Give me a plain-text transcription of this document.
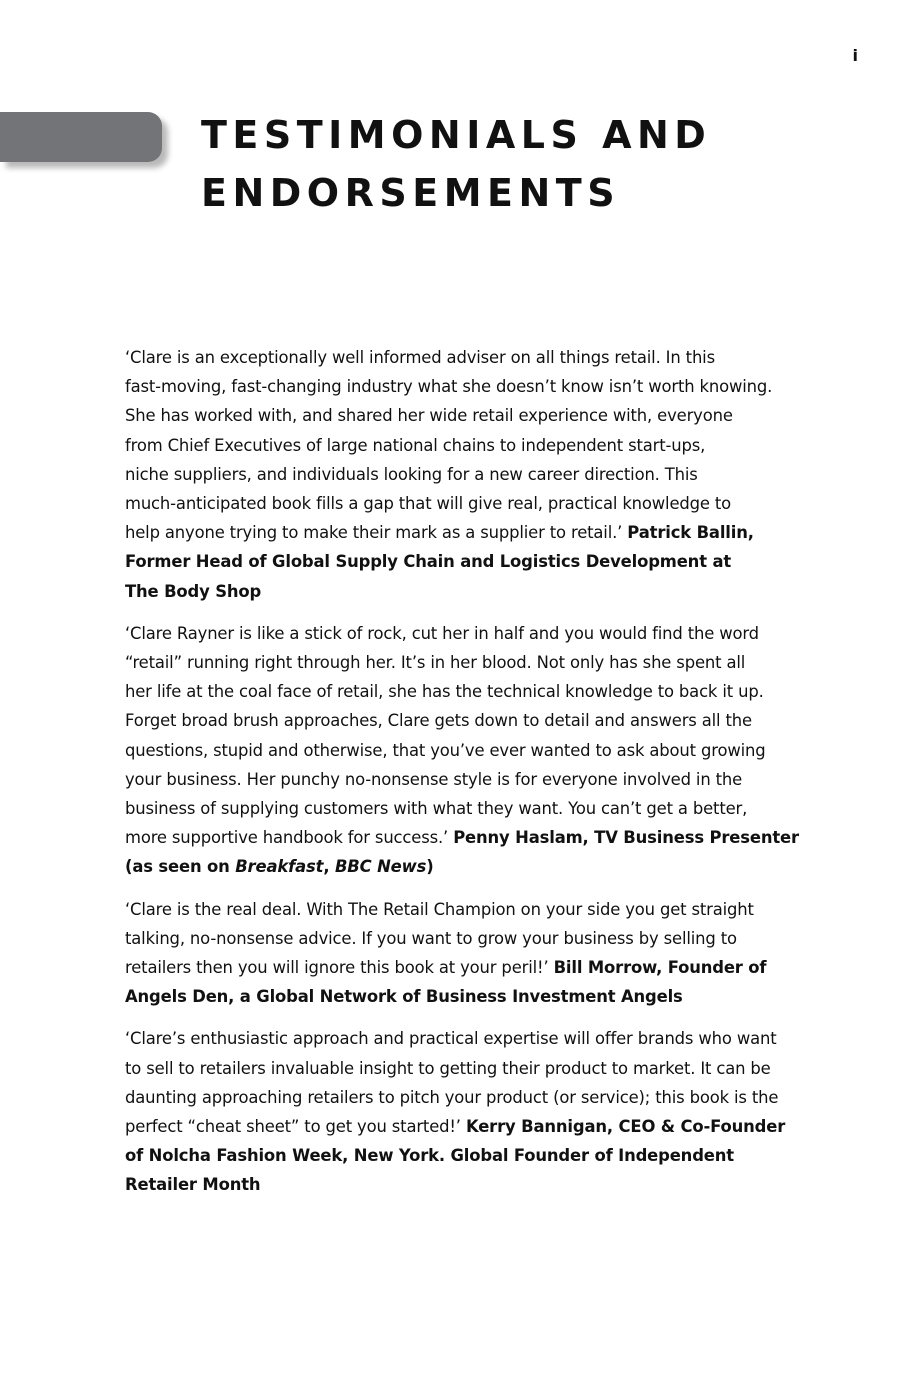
i
TESTIMONIALS AND
ENDORSEMENTS

‘Clare is an exceptionally well informed adviser on all things retail. In this
fast-moving, fast-changing industry what she doesn’t know isn’t worth knowing.
She has worked with, and shared her wide retail experience with, everyone
from Chief Executives of large national chains to independent start-ups,
niche suppliers, and individuals looking for a new career direction. This
much-anticipated book fills a gap that will give real, practical knowledge to
help anyone trying to make their mark as a supplier to retail.’ Patrick Ballin,
Former Head of Global Supply Chain and Logistics Development at
The Body Shop

‘Clare Rayner is like a stick of rock, cut her in half and you would find the word
“retail” running right through her. It’s in her blood. Not only has she spent all
her life at the coal face of retail, she has the technical knowledge to back it up.
Forget broad brush approaches, Clare gets down to detail and answers all the
questions, stupid and otherwise, that you’ve ever wanted to ask about growing
your business. Her punchy no-nonsense style is for everyone involved in the
business of supplying customers with what they want. You can’t get a better,
more supportive handbook for success.’ Penny Haslam, TV Business Presenter
(as seen on Breakfast, BBC News)

‘Clare is the real deal. With The Retail Champion on your side you get straight
talking, no-nonsense advice. If you want to grow your business by selling to
retailers then you will ignore this book at your peril!’ Bill Morrow, Founder of
Angels Den, a Global Network of Business Investment Angels

‘Clare’s enthusiastic approach and practical expertise will offer brands who want
to sell to retailers invaluable insight to getting their product to market. It can be
daunting approaching retailers to pitch your product (or service); this book is the
perfect “cheat sheet” to get you started!’ Kerry Bannigan, CEO & Co-Founder
of Nolcha Fashion Week, New York. Global Founder of Independent
Retailer Month
